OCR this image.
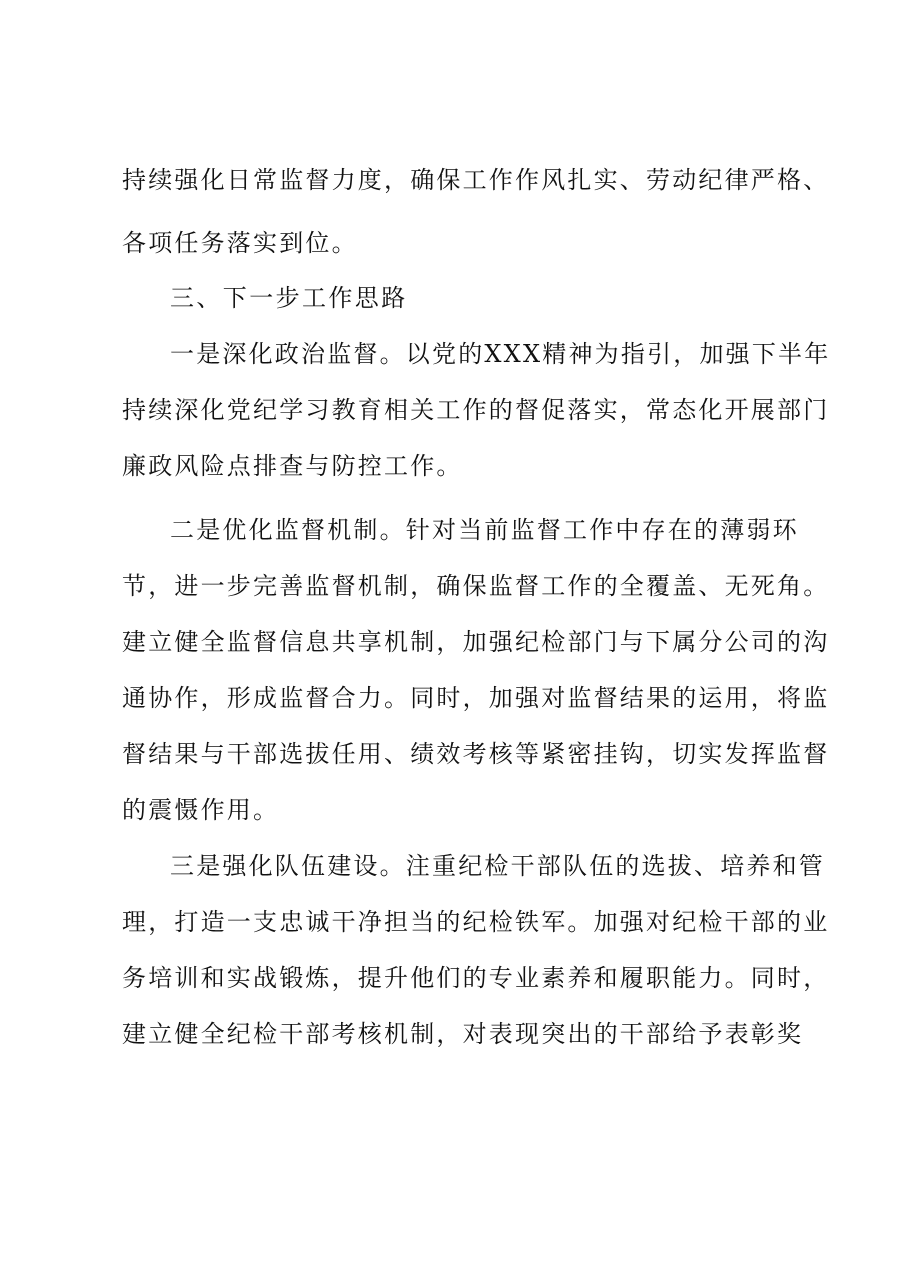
持续强化日常监督力度，确保工作作风扎实、劳动纪律严格、
各项任务落实到位。
三、下一步工作思路
一是深化政治监督。以党的XXX精神为指引，加强下半年
持续深化党纪学习教育相关工作的督促落实，常态化开展部门
廉政风险点排查与防控工作。
二是优化监督机制。针对当前监督工作中存在的薄弱环
节，进一步完善监督机制，确保监督工作的全覆盖、无死角。
建立健全监督信息共享机制，加强纪检部门与下属分公司的沟
通协作，形成监督合力。同时，加强对监督结果的运用，将监
督结果与干部选拔任用、绩效考核等紧密挂钩，切实发挥监督
的震慑作用。
三是强化队伍建设。注重纪检干部队伍的选拔、培养和管
理，打造一支忠诚干净担当的纪检铁军。加强对纪检干部的业
务培训和实战锻炼，提升他们的专业素养和履职能力。同时，
建立健全纪检干部考核机制，对表现突出的干部给予表彰奖
